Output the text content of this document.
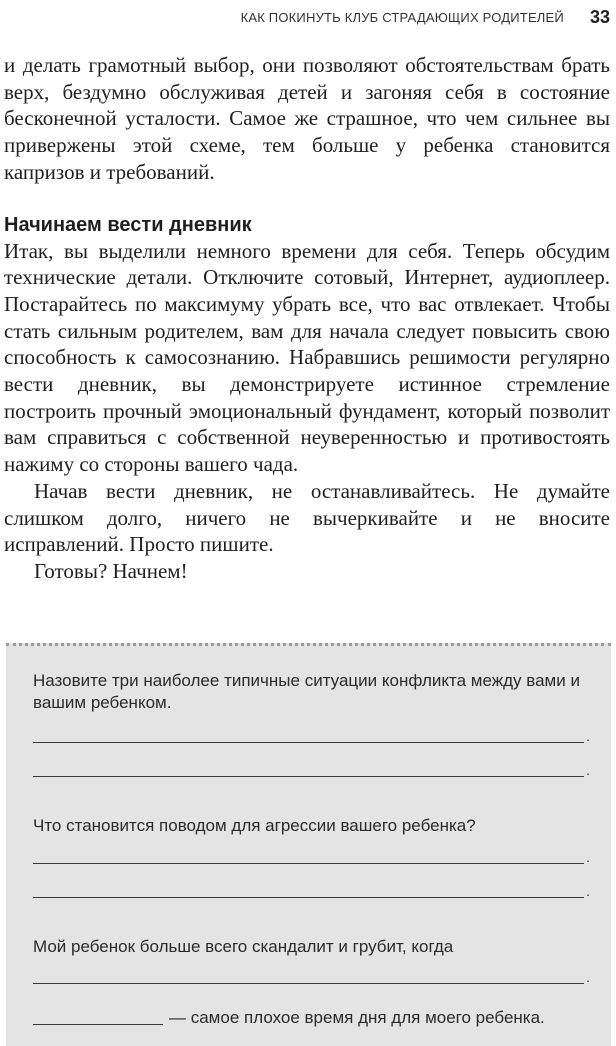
КАК ПОКИНУТЬ КЛУБ СТРАДАЮЩИХ РОДИТЕЛЕЙ 33

и делать грамотный выбор, они позволяют обстоятельствам брать верх, бездумно обслуживая детей и загоняя себя в состояние бесконечной усталости. Самое же страшное, что чем сильнее вы привержены этой схеме, тем больше у ребенка становится капризов и требований.

Начинаем вести дневник

Итак, вы выделили немного времени для себя. Теперь обсудим технические детали. Отключите сотовый, Интернет, аудиоплеер. Постарайтесь по максимуму убрать все, что вас отвлекает. Чтобы стать сильным родителем, вам для начала следует повысить свою способность к самосознанию. Набравшись решимости регулярно вести дневник, вы демонстрируете истинное стремление построить прочный эмоциональный фундамент, который позволит вам справиться с собственной неуверенностью и противостоять нажиму со стороны вашего чада.

Начав вести дневник, не останавливайтесь. Не думайте слишком долго, ничего не вычеркивайте и не вносите исправлений. Просто пишите.

Готовы? Начнем!

Назовите три наиболее типичные ситуации конфликта между вами и вашим ребенком.
.
.
Что становится поводом для агрессии вашего ребенка?
.
.
Мой ребенок больше всего скандалит и грубит, когда
.
— самое плохое время дня для моего ребенка.
